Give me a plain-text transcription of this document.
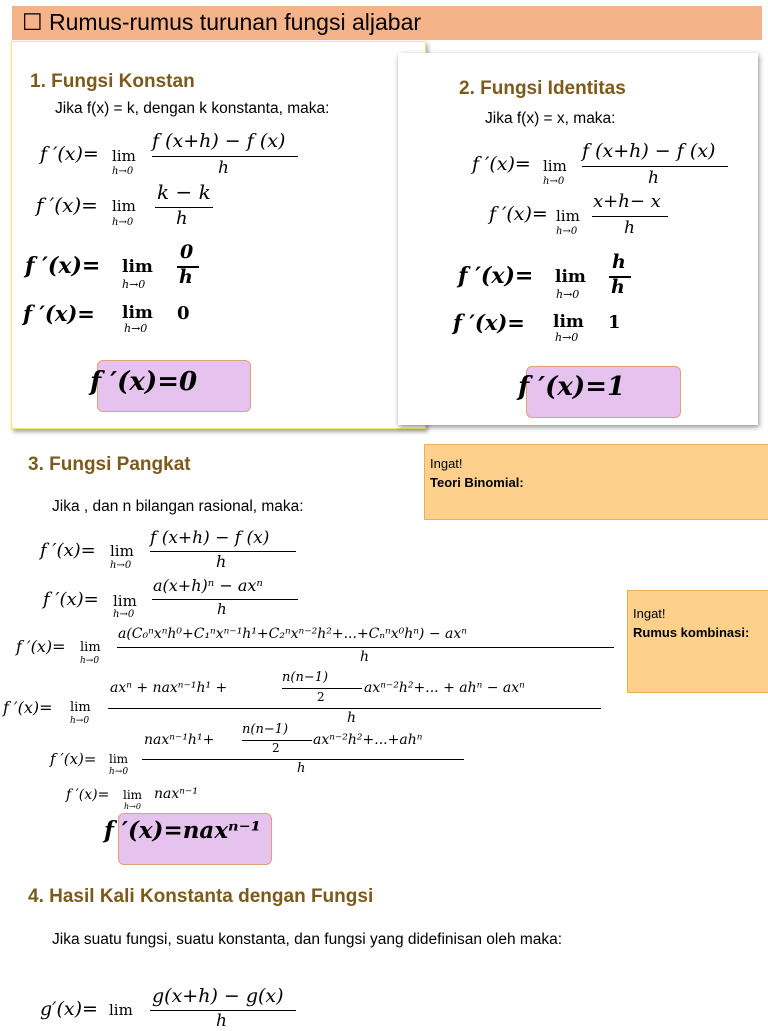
☐ Rumus-rumus turunan fungsi aljabar
1. Fungsi Konstan
Jika f(x) = k, dengan k konstanta, maka:
f ′(x)= lim
h→0
f (x+h) − f (x)
h
f ′(x)= lim
h→0
k − k
h
f ′(x)= lim
h→0
0
h
f ′(x)= lim
h→0
0
f ′(x)=0
2. Fungsi Identitas
Jika f(x) = x, maka:
f ′(x)= lim
h→0
f (x+h) − f (x)
h
f ′(x)= lim
h→0
x+h− x
h
f ′(x)= lim
h→0
h
h
f ′(x)= lim
h→0
1
f ′(x)=1
3. Fungsi Pangkat
Jika , dan n bilangan rasional, maka:
Ingat!
Teori Binomial:
Ingat!
Rumus kombinasi:
f ′(x)= lim
h→0
f (x+h) − f (x)
h
f ′(x)= lim
h→0
a(x+h)ⁿ − axⁿ
h
f ′(x)= lim
h→0
a(C₀ⁿxⁿh⁰+C₁ⁿxⁿ⁻¹h¹+C₂ⁿxⁿ⁻²h²+...+Cₙⁿx⁰hⁿ) − axⁿ
h
f ′(x)= lim
h→0
axⁿ + naxⁿ⁻¹h¹ +
n(n−1)
2
axⁿ⁻²h²+... + ahⁿ − axⁿ
h
f ′(x)= lim
h→0
naxⁿ⁻¹h¹+
n(n−1)
2 axⁿ⁻²h²+...+ahⁿ
h
f ′(x)= lim
h→0
naxⁿ⁻¹
f ′(x)=naxⁿ⁻¹
4. Hasil Kali Konstanta dengan Fungsi
Jika suatu fungsi, suatu konstanta, dan fungsi yang didefinisan oleh maka:
g′(x)= lim
g(x+h) − g(x)
h
